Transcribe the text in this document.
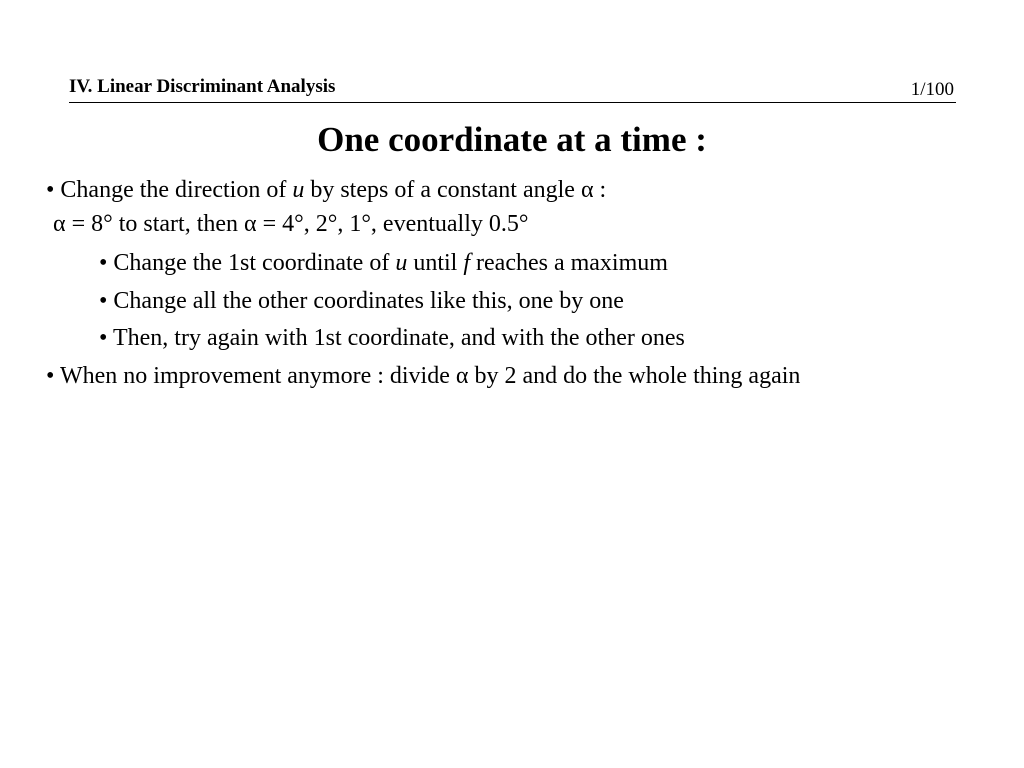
IV. Linear Discriminant Analysis	1/100
One coordinate at a time :
• Change the direction of u by steps of a constant angle α :
α = 8° to start, then α = 4°, 2°, 1°, eventually 0.5°
• Change the 1st coordinate of u until f reaches a maximum
• Change all the other coordinates like this, one by one
• Then, try again with 1st coordinate, and with the other ones
• When no improvement anymore : divide α by 2 and do the whole thing again
